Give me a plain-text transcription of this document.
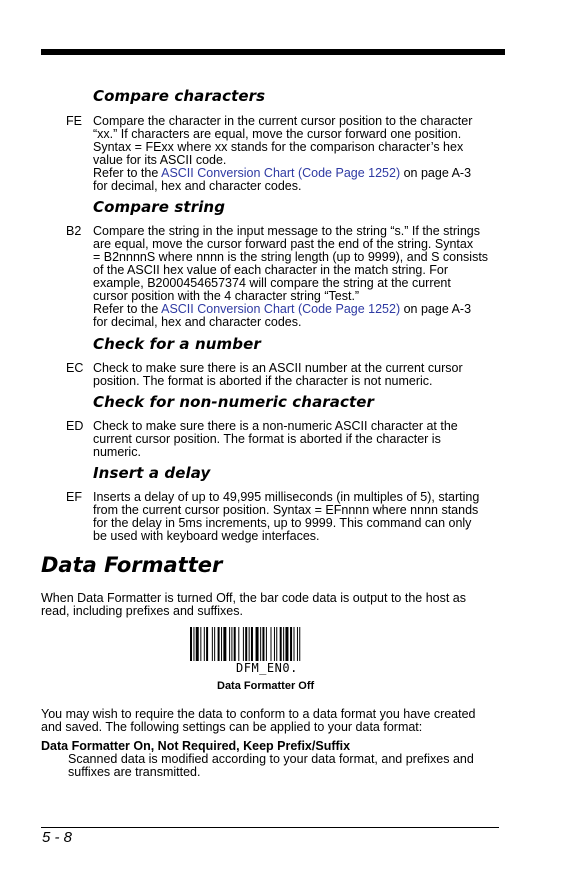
Compare characters
FE Compare the character in the current cursor position to the character
“xx.” If characters are equal, move the cursor forward one position.
Syntax = FExx where xx stands for the comparison character’s hex
value for its ASCII code.
Refer to the ASCII Conversion Chart (Code Page 1252) on page A-3
for decimal, hex and character codes.
Compare string
B2 Compare the string in the input message to the string “s.” If the strings
are equal, move the cursor forward past the end of the string. Syntax
= B2nnnnS where nnnn is the string length (up to 9999), and S consists
of the ASCII hex value of each character in the match string. For
example, B2000454657374 will compare the string at the current
cursor position with the 4 character string “Test.”
Refer to the ASCII Conversion Chart (Code Page 1252) on page A-3
for decimal, hex and character codes.
Check for a number
EC Check to make sure there is an ASCII number at the current cursor
position. The format is aborted if the character is not numeric.
Check for non-numeric character
ED Check to make sure there is a non-numeric ASCII character at the
current cursor position. The format is aborted if the character is
numeric.
Insert a delay
EF Inserts a delay of up to 49,995 milliseconds (in multiples of 5), starting
from the current cursor position. Syntax = EFnnnn where nnnn stands
for the delay in 5ms increments, up to 9999. This command can only
be used with keyboard wedge interfaces.
Data Formatter
When Data Formatter is turned Off, the bar code data is output to the host as
read, including prefixes and suffixes.
DFM_EN0.
Data Formatter Off
You may wish to require the data to conform to a data format you have created
and saved. The following settings can be applied to your data format:
Data Formatter On, Not Required, Keep Prefix/Suffix
Scanned data is modified according to your data format, and prefixes and
suffixes are transmitted.
5 - 8
